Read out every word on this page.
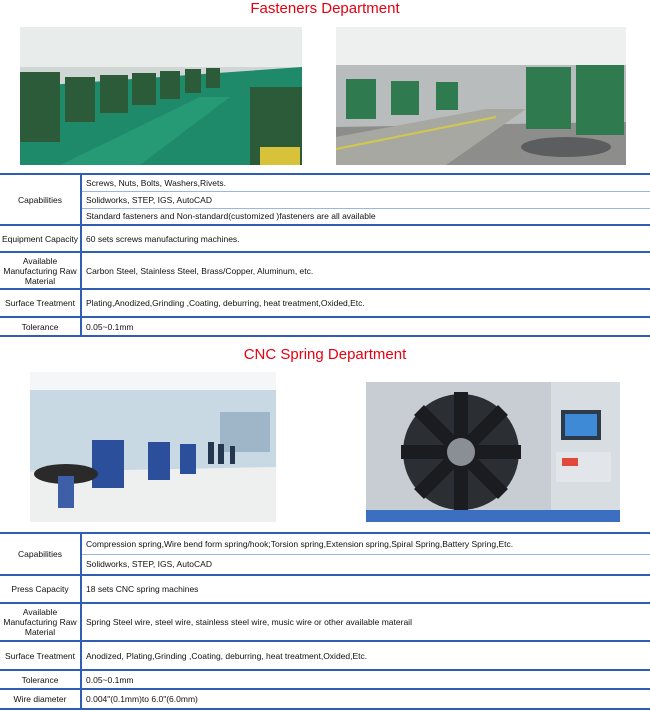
Fasteners Department
Capabilities	Screws, Nuts, Bolts, Washers,Rivets.
	Solidworks, STEP, IGS, AutoCAD
	Standard fasteners and Non-standard(customized )fasteners are all available
Equipment Capacity	60 sets screws manufacturing machines.
Available Manufacturing Raw Material	Carbon Steel, Stainless Steel, Brass/Copper, Aluminum, etc.
Surface Treatment	Plating,Anodized,Grinding ,Coating, deburring, heat treatment,Oxided,Etc.
Tolerance	0.05~0.1mm
CNC Spring Department
Capabilities	Compression spring,Wire bend form spring/hook;Torsion spring,Extension spring,Spiral Spring,Battery Spring,Etc.
	Solidworks, STEP, IGS, AutoCAD
Press Capacity	18 sets CNC spring machines
Available Manufacturing Raw Material	Spring Steel wire, steel wire, stainless steel wire, music wire or other available materail
Surface Treatment	Anodized, Plating,Grinding ,Coating, deburring, heat treatment,Oxided,Etc.
Tolerance	0.05~0.1mm
Wire diameter	0.004"(0.1mm)to 6.0"(6.0mm)
